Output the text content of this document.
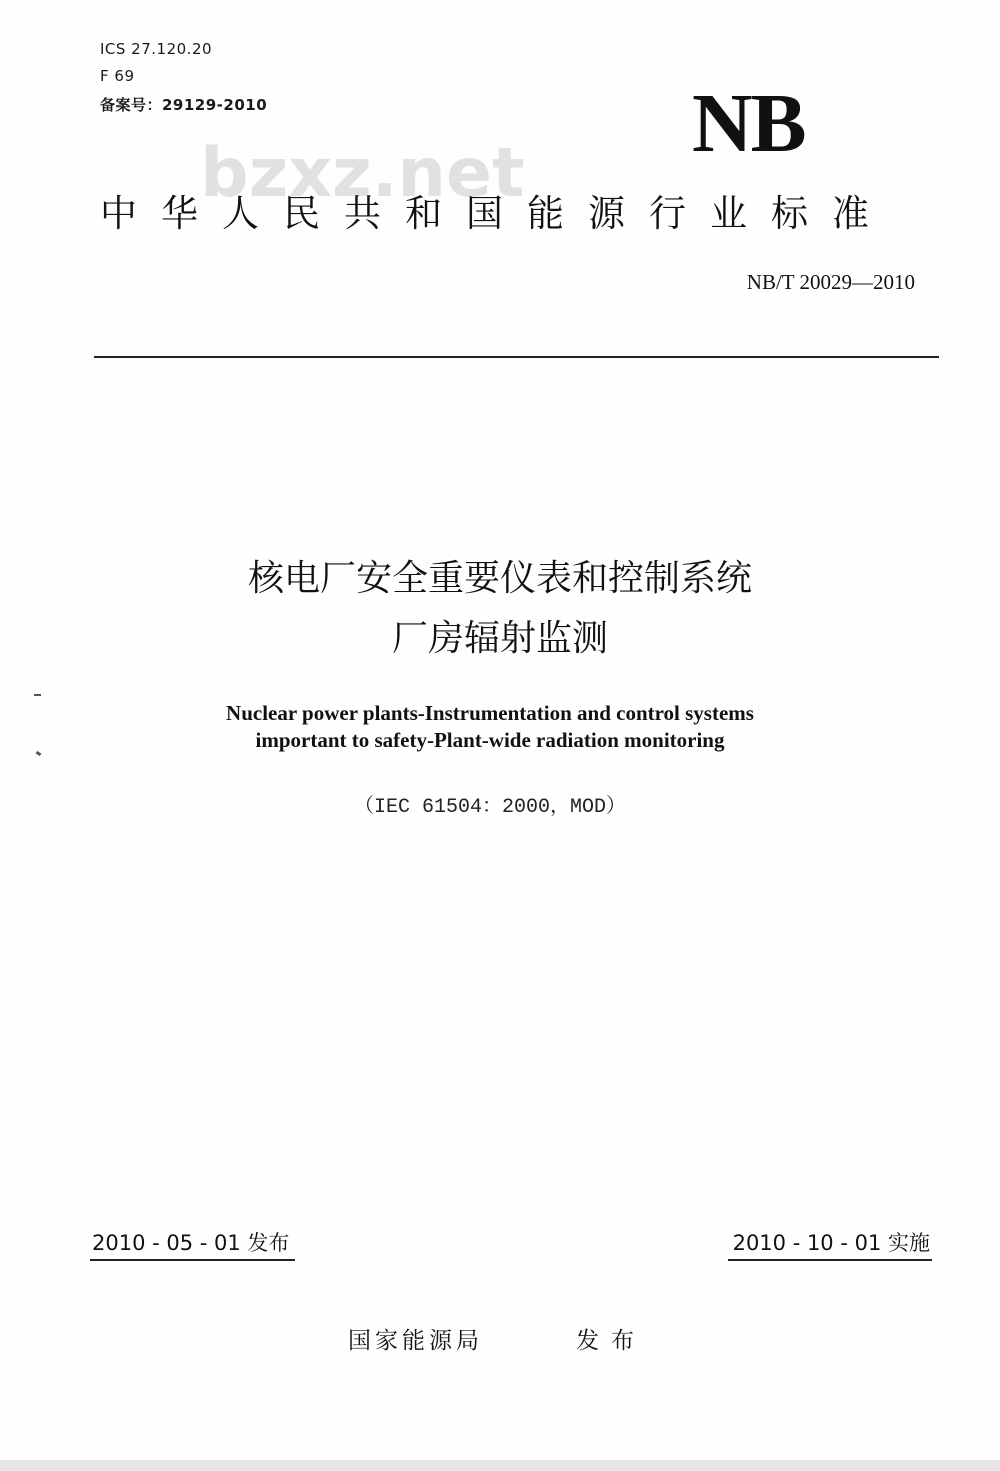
ICS 27.120.20
F 69
备案号：29129-2010
bzxz.net
NB
中华人民共和国能源行业标准
NB/T 20029—2010
核电厂安全重要仪表和控制系统
厂房辐射监测
Nuclear power plants-Instrumentation and control systems
important to safety-Plant-wide radiation monitoring
（IEC 61504：2000，MOD）
2010 - 05 - 01 发布	2010 - 10 - 01 实施
国家能源局	发布
